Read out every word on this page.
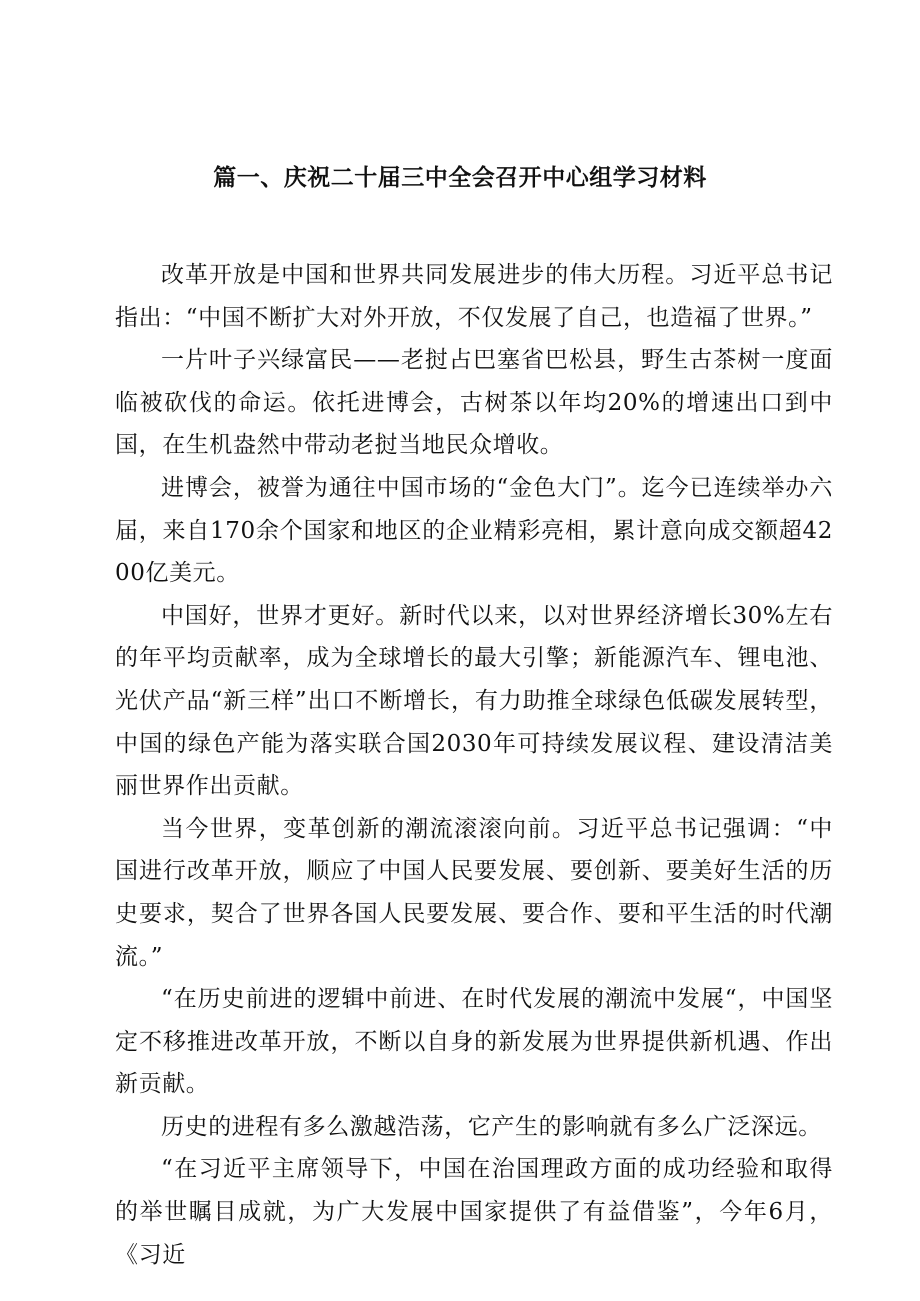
篇一、庆祝二十届三中全会召开中心组学习材料

改革开放是中国和世界共同发展进步的伟大历程。习近平总书记指出：“中国不断扩大对外开放，不仅发展了自己，也造福了世界。”

一片叶子兴绿富民——老挝占巴塞省巴松县，野生古茶树一度面临被砍伐的命运。依托进博会，古树茶以年均20%的增速出口到中国，在生机盎然中带动老挝当地民众增收。

进博会，被誉为通往中国市场的“金色大门”。迄今已连续举办六届，来自170余个国家和地区的企业精彩亮相，累计意向成交额超4200亿美元。

中国好，世界才更好。新时代以来，以对世界经济增长30%左右的年平均贡献率，成为全球增长的最大引擎；新能源汽车、锂电池、光伏产品“新三样”出口不断增长，有力助推全球绿色低碳发展转型，中国的绿色产能为落实联合国2030年可持续发展议程、建设清洁美丽世界作出贡献。

当今世界，变革创新的潮流滚滚向前。习近平总书记强调：“中国进行改革开放，顺应了中国人民要发展、要创新、要美好生活的历史要求，契合了世界各国人民要发展、要合作、要和平生活的时代潮流。”

“在历史前进的逻辑中前进、在时代发展的潮流中发展“，中国坚定不移推进改革开放，不断以自身的新发展为世界提供新机遇、作出新贡献。

历史的进程有多么激越浩荡，它产生的影响就有多么广泛深远。

“在习近平主席领导下，中国在治国理政方面的成功经验和取得的举世瞩目成就，为广大发展中国家提供了有益借鉴”，今年6月，《习近
